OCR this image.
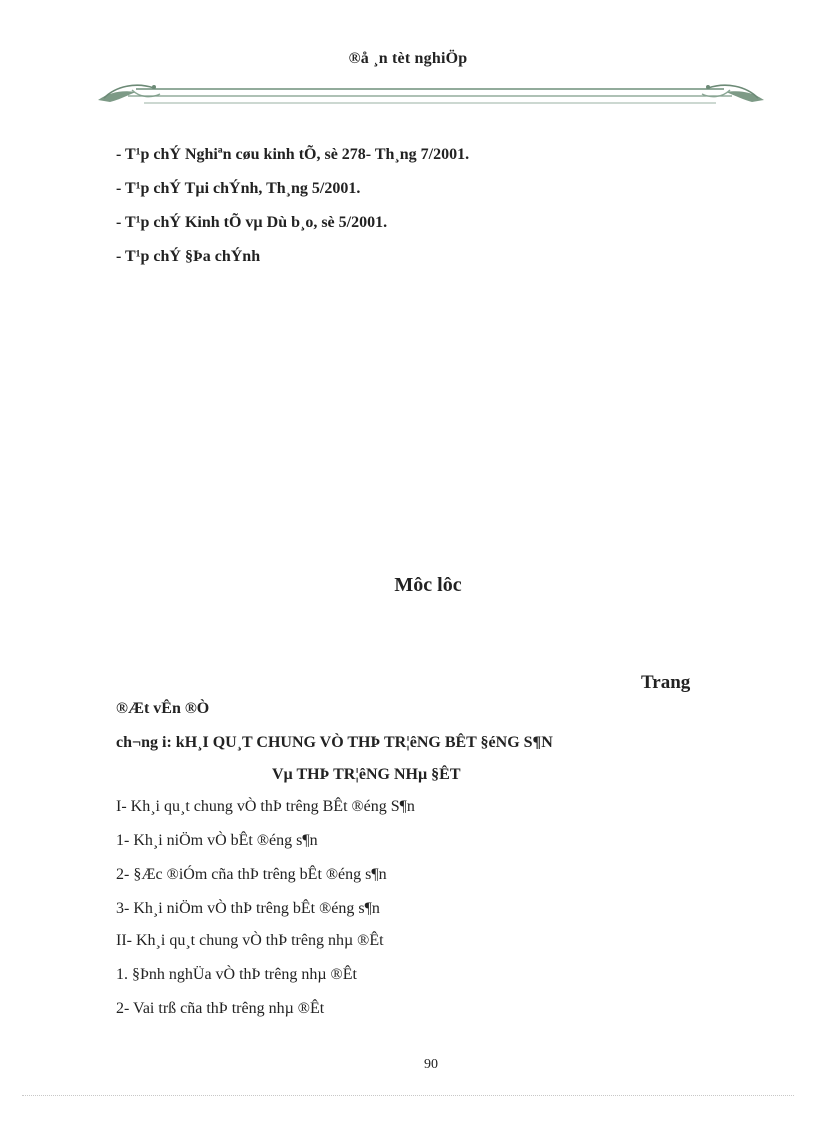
®å ¸n tèt nghiÖp
- T¹p chÝ Nghiªn cøu kinh tÕ, sè 278- Th¸ng 7/2001.
- T¹p chÝ Tµi chÝnh, Th¸ng 5/2001.
- T¹p chÝ Kinh tÕ vµ Dù b¸o, sè 5/2001.
- T¹p chÝ §Þa chÝnh
Môc lôc
Trang
®Æt vÊn ®Ò
ch¬ng i: kH¸I QU¸T CHUNG VÒ THÞ TR¦êNG BÊT §éNG S¶N
Vµ THÞ TR¦êNG NHµ §ÊT
I- Kh¸i qu¸t chung vÒ thÞ trêng BÊt ®éng S¶n
1- Kh¸i niÖm vÒ bÊt ®éng s¶n
2- §Æc ®iÓm cña thÞ trêng bÊt ®éng s¶n
3- Kh¸i niÖm vÒ thÞ trêng bÊt ®éng s¶n
II- Kh¸i qu¸t chung vÒ thÞ trêng nhµ ®Êt
1. §Þnh nghÜa vÒ thÞ trêng nhµ ®Êt
2- Vai trß cña thÞ trêng nhµ ®Êt
90
